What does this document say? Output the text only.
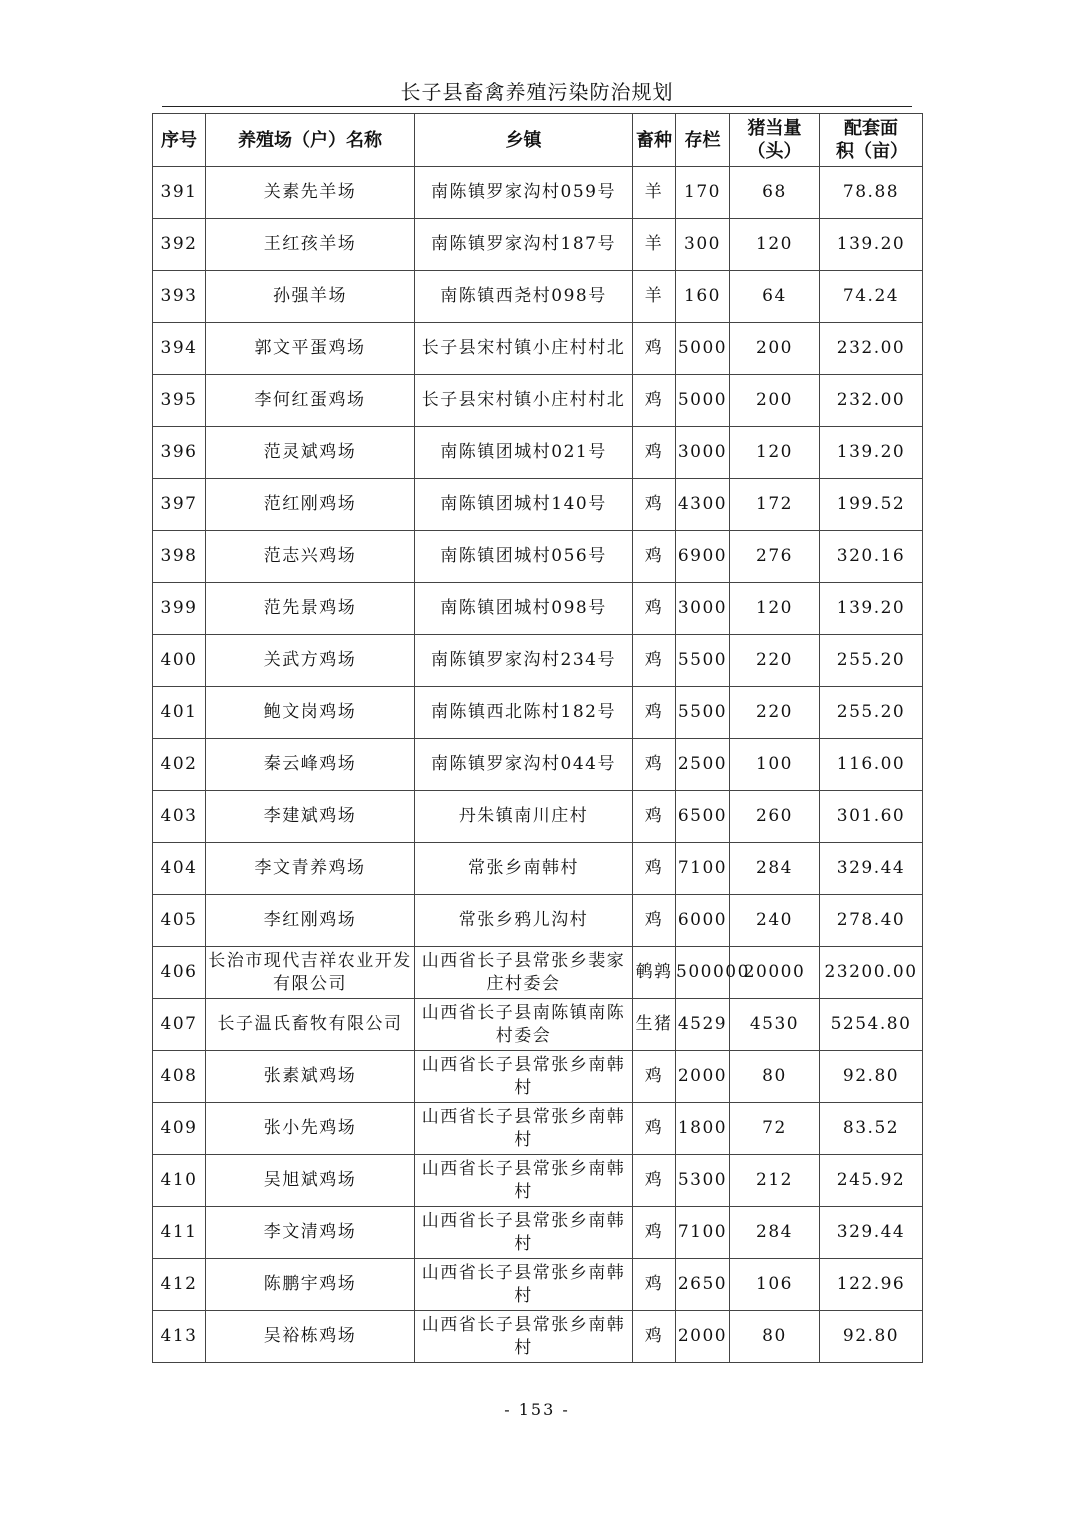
长子县畜禽养殖污染防治规划
序号	养殖场（户）名称	乡镇	畜种	存栏	猪当量（头）	配套面积（亩）
391	关素先羊场	南陈镇罗家沟村059号	羊	170	68	78.88
392	王红孩羊场	南陈镇罗家沟村187号	羊	300	120	139.20
393	孙强羊场	南陈镇西尧村098号	羊	160	64	74.24
394	郭文平蛋鸡场	长子县宋村镇小庄村村北	鸡	5000	200	232.00
395	李何红蛋鸡场	长子县宋村镇小庄村村北	鸡	5000	200	232.00
396	范灵斌鸡场	南陈镇团城村021号	鸡	3000	120	139.20
397	范红刚鸡场	南陈镇团城村140号	鸡	4300	172	199.52
398	范志兴鸡场	南陈镇团城村056号	鸡	6900	276	320.16
399	范先景鸡场	南陈镇团城村098号	鸡	3000	120	139.20
400	关武方鸡场	南陈镇罗家沟村234号	鸡	5500	220	255.20
401	鲍文岗鸡场	南陈镇西北陈村182号	鸡	5500	220	255.20
402	秦云峰鸡场	南陈镇罗家沟村044号	鸡	2500	100	116.00
403	李建斌鸡场	丹朱镇南川庄村	鸡	6500	260	301.60
404	李文青养鸡场	常张乡南韩村	鸡	7100	284	329.44
405	李红刚鸡场	常张乡鸦儿沟村	鸡	6000	240	278.40
406	长治市现代吉祥农业开发有限公司	山西省长子县常张乡裴家庄村委会	鹌鹑	500000	20000	23200.00
407	长子温氏畜牧有限公司	山西省长子县南陈镇南陈村委会	生猪	4529	4530	5254.80
408	张素斌鸡场	山西省长子县常张乡南韩村	鸡	2000	80	92.80
409	张小先鸡场	山西省长子县常张乡南韩村	鸡	1800	72	83.52
410	吴旭斌鸡场	山西省长子县常张乡南韩村	鸡	5300	212	245.92
411	李文清鸡场	山西省长子县常张乡南韩村	鸡	7100	284	329.44
412	陈鹏宇鸡场	山西省长子县常张乡南韩村	鸡	2650	106	122.96
413	吴裕栋鸡场	山西省长子县常张乡南韩村	鸡	2000	80	92.80
- 153 -
